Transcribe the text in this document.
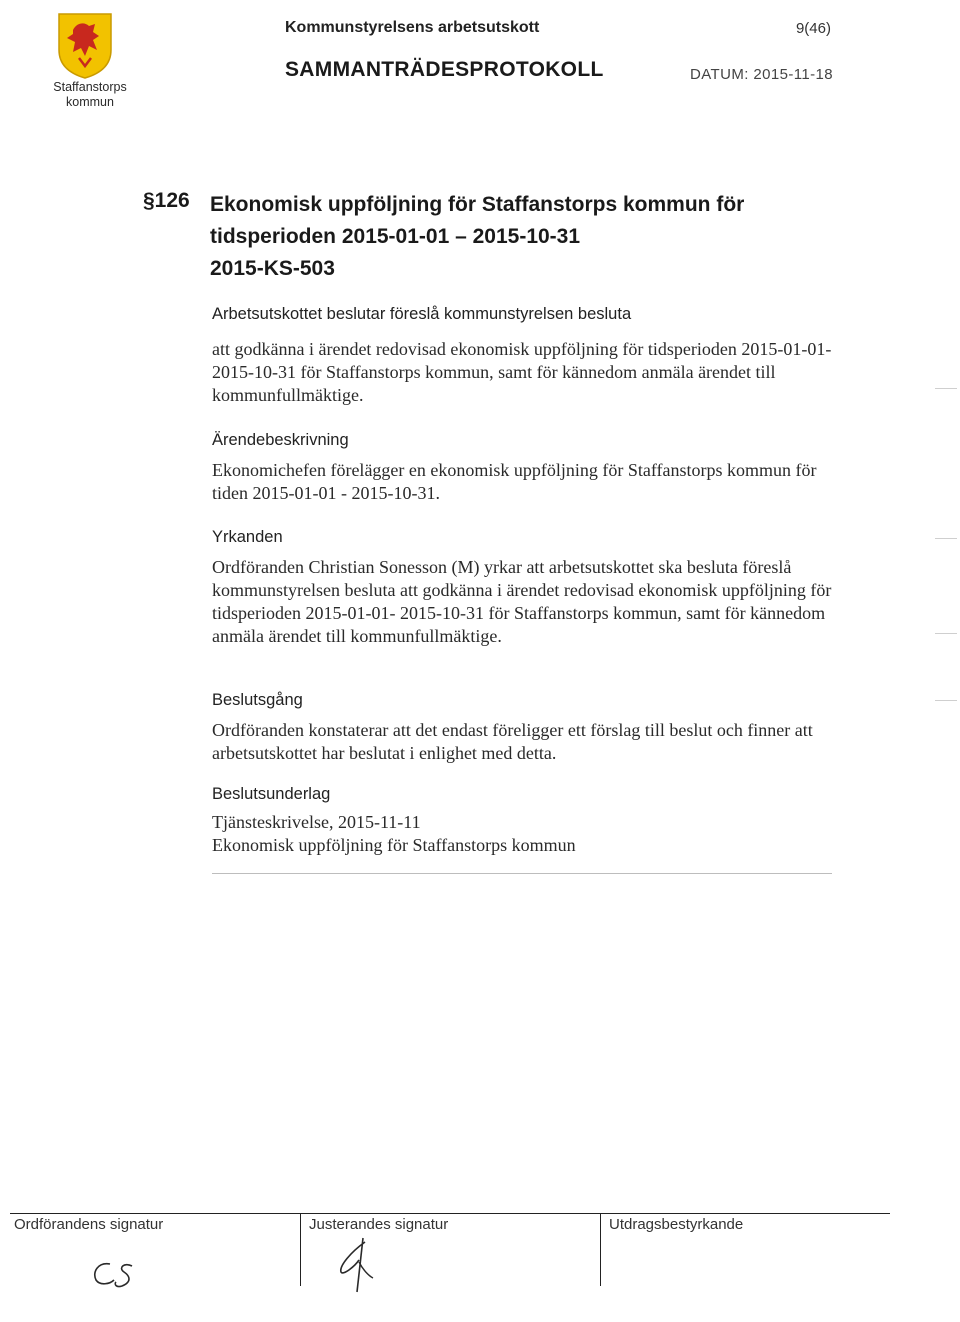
Staffanstorps
kommun
Kommunstyrelsens arbetsutskott	9(46)
SAMMANTRÄDESPROTOKOLL	DATUM: 2015-11-18
§126 Ekonomisk uppföljning för Staffanstorps kommun för
tidsperioden 2015-01-01 – 2015-10-31
2015-KS-503
Arbetsutskottet beslutar föreslå kommunstyrelsen besluta
att godkänna i ärendet redovisad ekonomisk uppföljning för tidsperioden 2015-01-01- 2015-10-31 för Staffanstorps kommun, samt för kännedom anmäla ärendet till kommunfullmäktige.
Ärendebeskrivning
Ekonomichefen förelägger en ekonomisk uppföljning för Staffanstorps kommun för tiden 2015-01-01 - 2015-10-31.
Yrkanden
Ordföranden Christian Sonesson (M) yrkar att arbetsutskottet ska besluta föreslå kommunstyrelsen besluta att godkänna i ärendet redovisad ekonomisk uppföljning för tidsperioden 2015-01-01- 2015-10-31 för Staffanstorps kommun, samt för kännedom anmäla ärendet till kommunfullmäktige.
Beslutsgång
Ordföranden konstaterar att det endast föreligger ett förslag till beslut och finner att arbetsutskottet har beslutat i enlighet med detta.
Beslutsunderlag
Tjänsteskrivelse, 2015-11-11
Ekonomisk uppföljning för Staffanstorps kommun
Ordförandens signatur	Justerandes signatur	Utdragsbestyrkande
